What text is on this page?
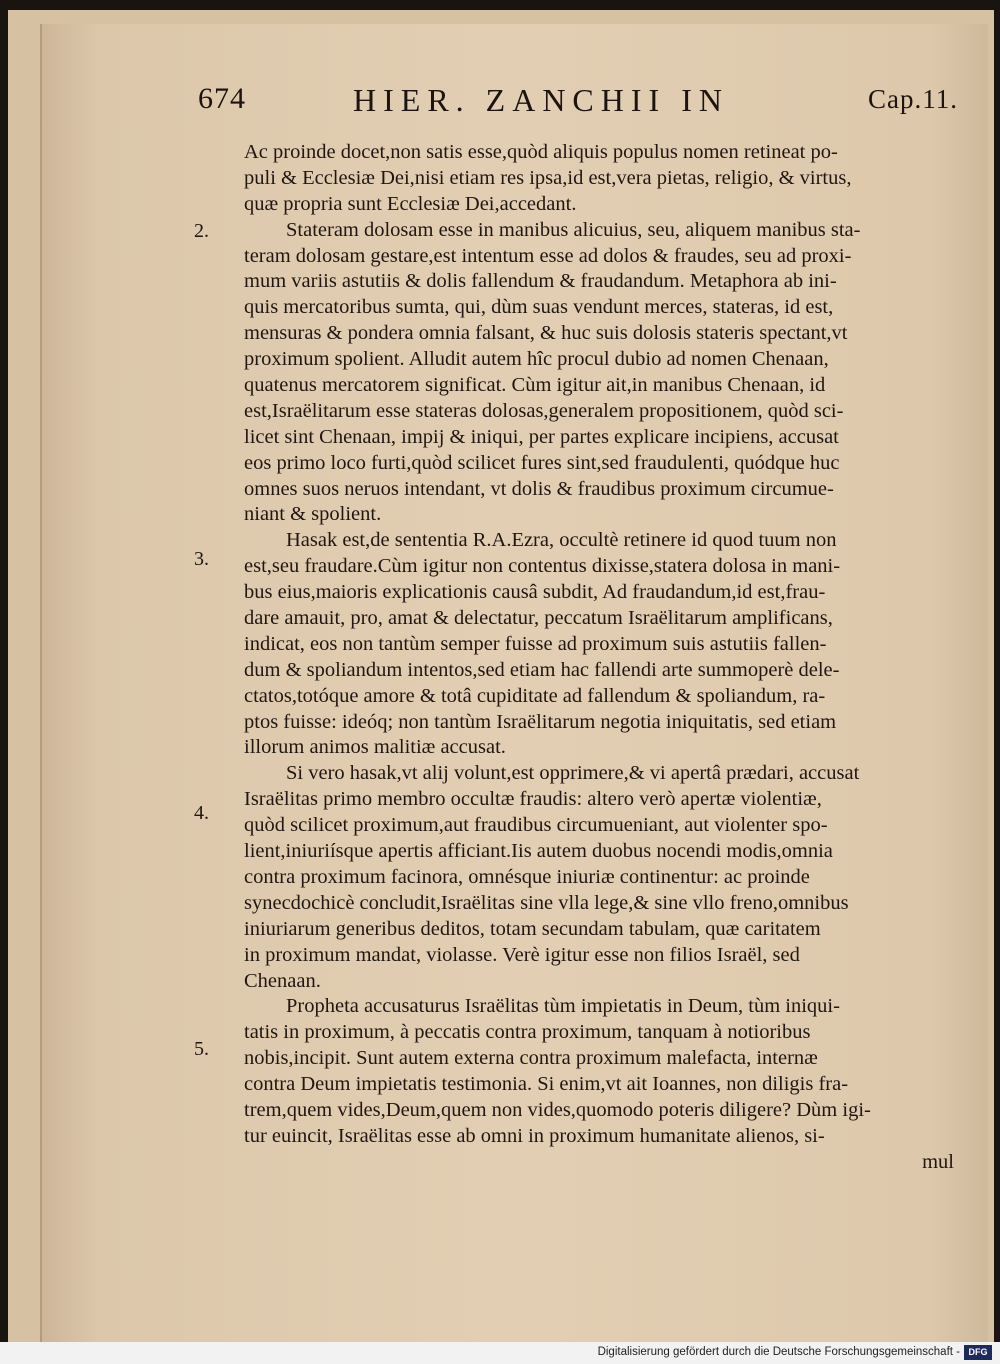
674	HIER. ZANCHII IN	Cap.11.
2.
3.
4.
5.
Ac proinde docet,non satis esse,quòd aliquis populus nomen retineat po-
puli & Ecclesiæ Dei,nisi etiam res ipsa,id est,vera pietas, religio, & virtus,
quæ propria sunt Ecclesiæ Dei,accedant.
Stateram dolosam esse in manibus alicuius, seu, aliquem manibus sta-
teram dolosam gestare,est intentum esse ad dolos & fraudes, seu ad proxi-
mum variis astutiis & dolis fallendum & fraudandum. Metaphora ab ini-
quis mercatoribus sumta, qui, dùm suas vendunt merces, stateras, id est,
mensuras & pondera omnia falsant, & huc suis dolosis stateris spectant,vt
proximum spolient. Alludit autem hîc procul dubio ad nomen Chenaan,
quatenus mercatorem significat. Cùm igitur ait,in manibus Chenaan, id
est,Israëlitarum esse stateras dolosas,generalem propositionem, quòd sci-
licet sint Chenaan, impij & iniqui, per partes explicare incipiens, accusat
eos primo loco furti,quòd scilicet fures sint,sed fraudulenti, quódque huc
omnes suos neruos intendant, vt dolis & fraudibus proximum circumue-
niant & spolient.
Hasak est,de sententia R.A.Ezra, occultè retinere id quod tuum non
est,seu fraudare.Cùm igitur non contentus dixisse,statera dolosa in mani-
bus eius,maioris explicationis causâ subdit, Ad fraudandum,id est,frau-
dare amauit, pro, amat & delectatur, peccatum Israëlitarum amplificans,
indicat, eos non tantùm semper fuisse ad proximum suis astutiis fallen-
dum & spoliandum intentos,sed etiam hac fallendi arte summoperè dele-
ctatos,totóque amore & totâ cupiditate ad fallendum & spoliandum, ra-
ptos fuisse: ideóq; non tantùm Israëlitarum negotia iniquitatis, sed etiam
illorum animos malitiæ accusat.
Si vero hasak,vt alij volunt,est opprimere,& vi apertâ prædari, accusat
Israëlitas primo membro occultæ fraudis: altero verò apertæ violentiæ,
quòd scilicet proximum,aut fraudibus circumueniant, aut violenter spo-
lient,iniuriísque apertis afficiant.Iis autem duobus nocendi modis,omnia
contra proximum facinora, omnésque iniuriæ continentur: ac proinde
synecdochicè concludit,Israëlitas sine vlla lege,& sine vllo freno,omnibus
iniuriarum generibus deditos, totam secundam tabulam, quæ caritatem
in proximum mandat, violasse. Verè igitur esse non filios Israël, sed
Chenaan.
Propheta accusaturus Israëlitas tùm impietatis in Deum, tùm iniqui-
tatis in proximum, à peccatis contra proximum, tanquam à notioribus
nobis,incipit. Sunt autem externa contra proximum malefacta, internæ
contra Deum impietatis testimonia. Si enim,vt ait Ioannes, non diligis fra-
trem,quem vides,Deum,quem non vides,quomodo poteris diligere? Dùm igi-
tur euincit, Israëlitas esse ab omni in proximum humanitate alienos, si-
mul
Digitalisierung gefördert durch die Deutsche Forschungsgemeinschaft - DFG
